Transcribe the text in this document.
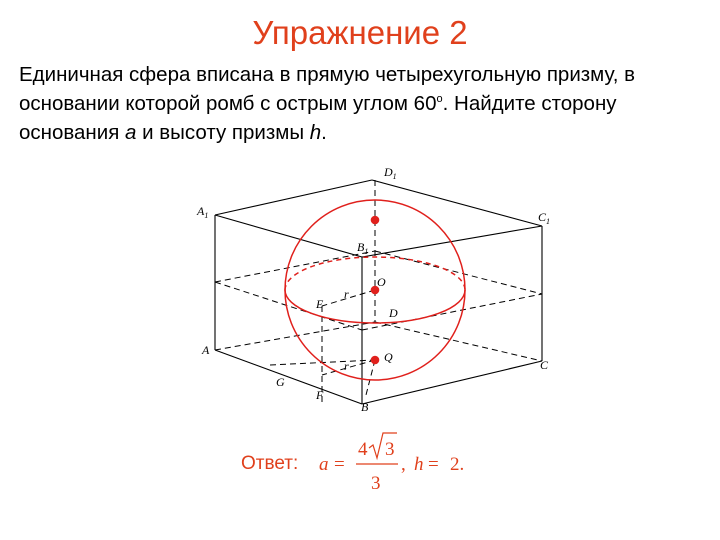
Упражнение 2
Единичная сфера вписана в прямую четырехугольную призму, в
основании которой ромб с острым углом 60$^o$. Найдите сторону
основания a и высоту призмы h.
$A_1$
$D_1$
$C_1$
$B_1$
O
r
E
D
A
r
Q
C
G
F
B
a =
4 3
3
, h = 2.
Ответ:
